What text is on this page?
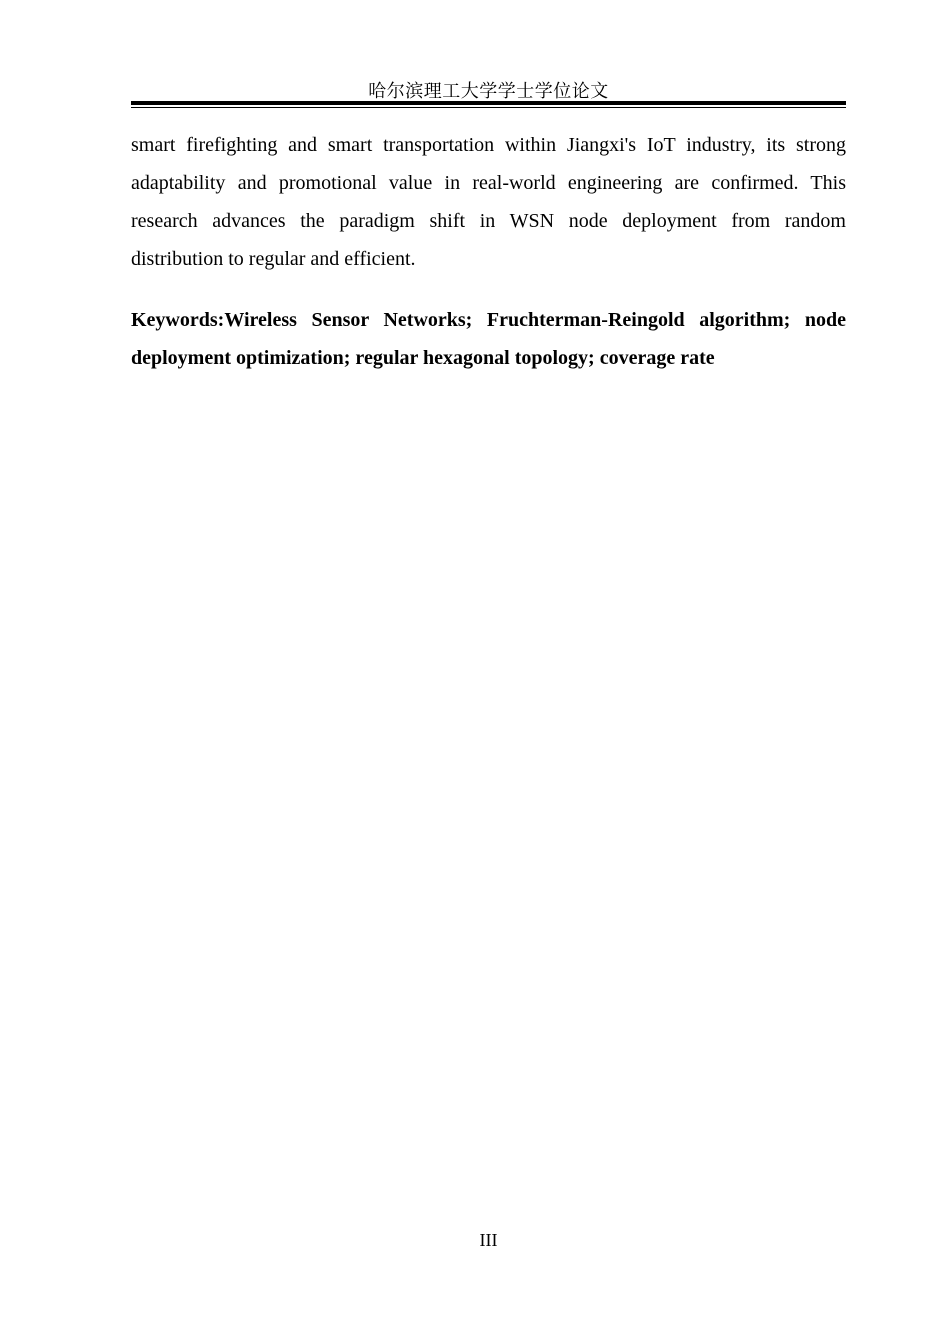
哈尔滨理工大学学士学位论文

smart firefighting and smart transportation within Jiangxi's IoT industry, its strong adaptability and promotional value in real-world engineering are confirmed. This research advances the paradigm shift in WSN node deployment from random distribution to regular and efficient.

Keywords:Wireless Sensor Networks; Fruchterman-Reingold algorithm; node deployment optimization; regular hexagonal topology; coverage rate

III
